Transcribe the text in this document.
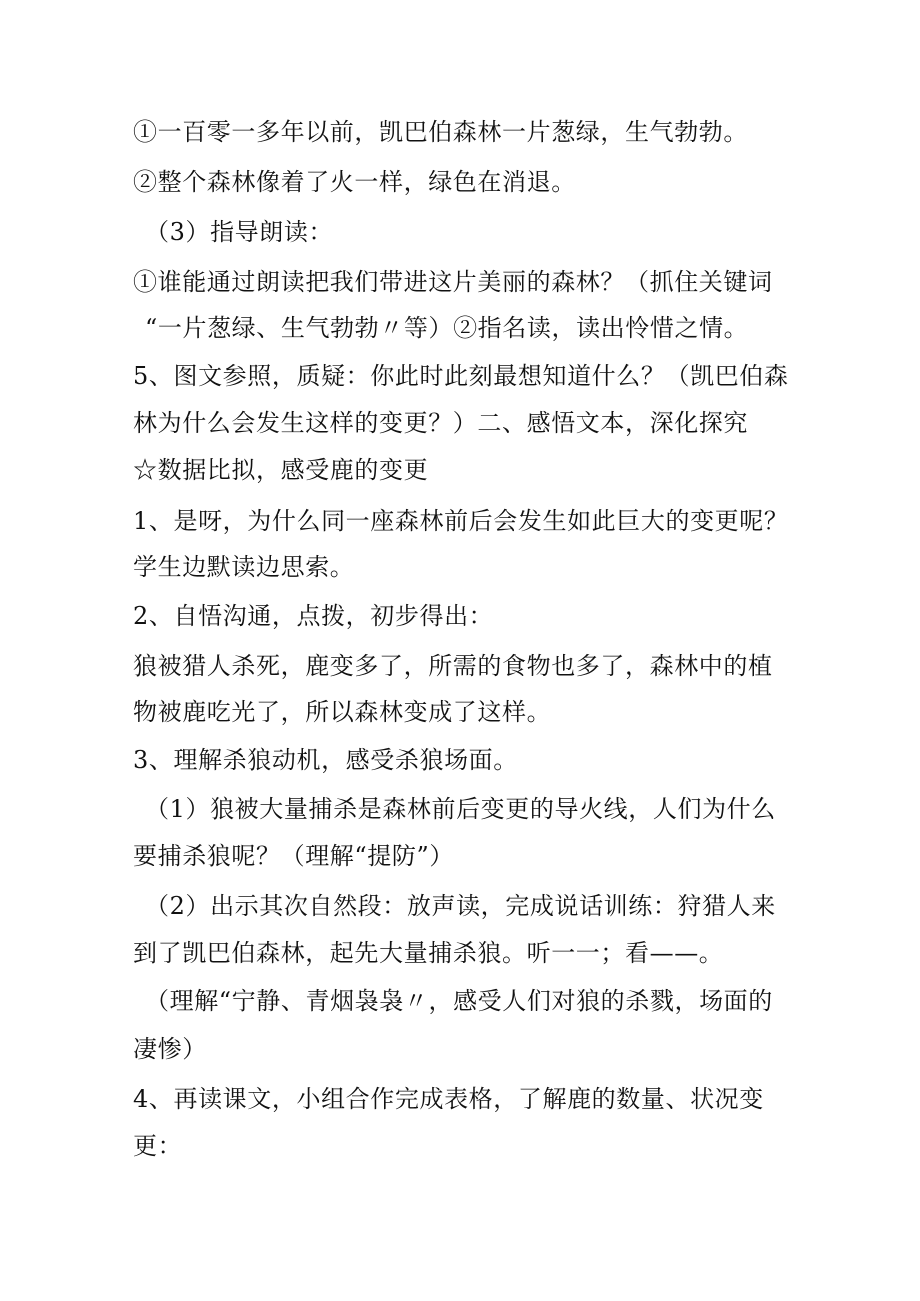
①一百零一多年以前，凯巴伯森林一片葱绿，生气勃勃。
②整个森林像着了火一样，绿色在消退。
（3）指导朗读：
①谁能通过朗读把我们带进这片美丽的森林？（抓住关键词
“一片葱绿、生气勃勃〃等）②指名读，读出怜惜之情。
5、图文参照，质疑：你此时此刻最想知道什么？（凯巴伯森
林为什么会发生这样的变更？）二、感悟文本，深化探究
☆数据比拟，感受鹿的变更
1、是呀，为什么同一座森林前后会发生如此巨大的变更呢？
学生边默读边思索。
2、自悟沟通，点拨，初步得出：
狼被猎人杀死，鹿变多了，所需的食物也多了，森林中的植
物被鹿吃光了，所以森林变成了这样。
3、理解杀狼动机，感受杀狼场面。
（1）狼被大量捕杀是森林前后变更的导火线，人们为什么
要捕杀狼呢？（理解“提防”）
（2）出示其次自然段：放声读，完成说话训练：狩猎人来
到了凯巴伯森林，起先大量捕杀狼。听一一；看——。
（理解“宁静、青烟袅袅〃，感受人们对狼的杀戮，场面的
凄惨）
4、再读课文，小组合作完成表格，了解鹿的数量、状况变
更：
